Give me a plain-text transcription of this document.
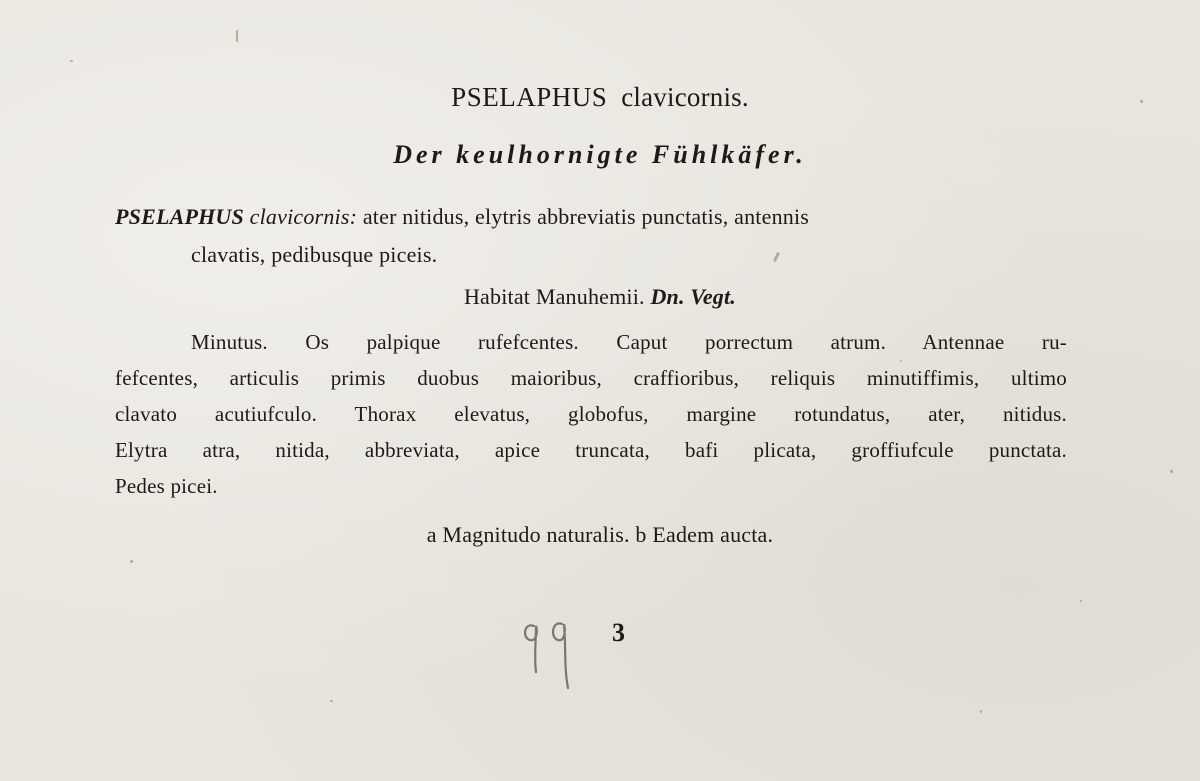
PSELAPHUS clavicornis.
Der keulhornigte Fühlkäfer.
PSELAPHUS clavicornis: ater nitidus, elytris abbreviatis punctatis, antennis
clavatis, pedibusque piceis.
Habitat Manuhemii. Dn. Vegt.
Minutus. Os palpique rufefcentes. Caput porrectum atrum. Antennae ru-
fefcentes, articulis primis duobus maioribus, craffioribus, reliquis minutiffimis, ultimo
clavato acutiufculo. Thorax elevatus, globofus, margine rotundatus, ater, nitidus.
Elytra atra, nitida, abbreviata, apice truncata, bafi plicata, groffiufcule punctata.
Pedes picei.
a Magnitudo naturalis. b Eadem aucta.
3
